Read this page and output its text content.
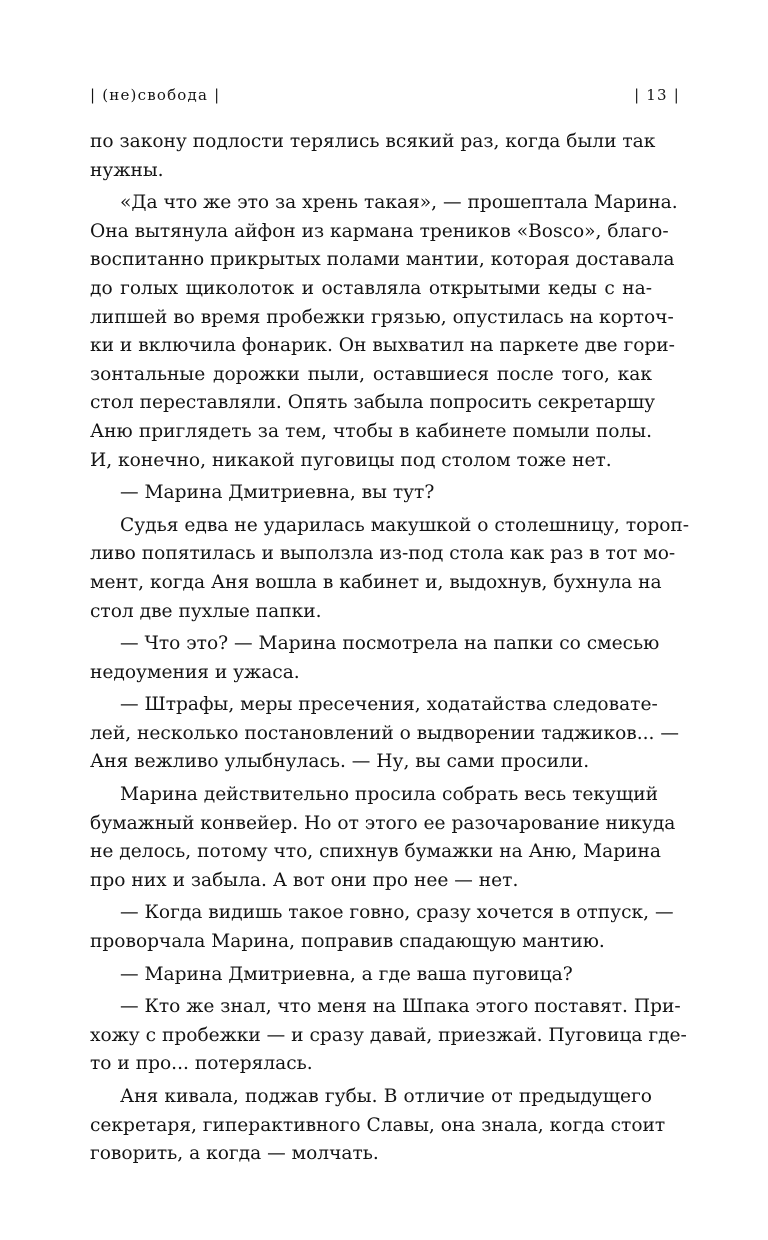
| (не)свобода |	| 13 |
по закону подлости терялись всякий раз, когда были так
нужны.
«Да что же это за хрень такая», — прошептала Марина.
Она вытянула айфон из кармана треников «Bosco», благо-
воспитанно прикрытых полами мантии, которая доставала
до голых щиколоток и оставляла открытыми кеды с на-
липшей во время пробежки грязью, опустилась на корточ-
ки и включила фонарик. Он выхватил на паркете две гори-
зонтальные дорожки пыли, оставшиеся после того, как
стол переставляли. Опять забыла попросить секретаршу
Аню приглядеть за тем, чтобы в кабинете помыли полы.
И, конечно, никакой пуговицы под столом тоже нет.
— Марина Дмитриевна, вы тут?
Судья едва не ударилась макушкой о столешницу, тороп-
ливо попятилась и выползла из-под стола как раз в тот мо-
мент, когда Аня вошла в кабинет и, выдохнув, бухнула на
стол две пухлые папки.
— Что это? — Марина посмотрела на папки со смесью
недоумения и ужаса.
— Штрафы, меры пресечения, ходатайства следовате-
лей, несколько постановлений о выдворении таджиков... —
Аня вежливо улыбнулась. — Ну, вы сами просили.
Марина действительно просила собрать весь текущий
бумажный конвейер. Но от этого ее разочарование никуда
не делось, потому что, спихнув бумажки на Аню, Марина
про них и забыла. А вот они про нее — нет.
— Когда видишь такое говно, сразу хочется в отпуск, —
проворчала Марина, поправив спадающую мантию.
— Марина Дмитриевна, а где ваша пуговица?
— Кто же знал, что меня на Шпака этого поставят. При-
хожу с пробежки — и сразу давай, приезжай. Пуговица где-
то и про... потерялась.
Аня кивала, поджав губы. В отличие от предыдущего
секретаря, гиперактивного Славы, она знала, когда стоит
говорить, а когда — молчать.
